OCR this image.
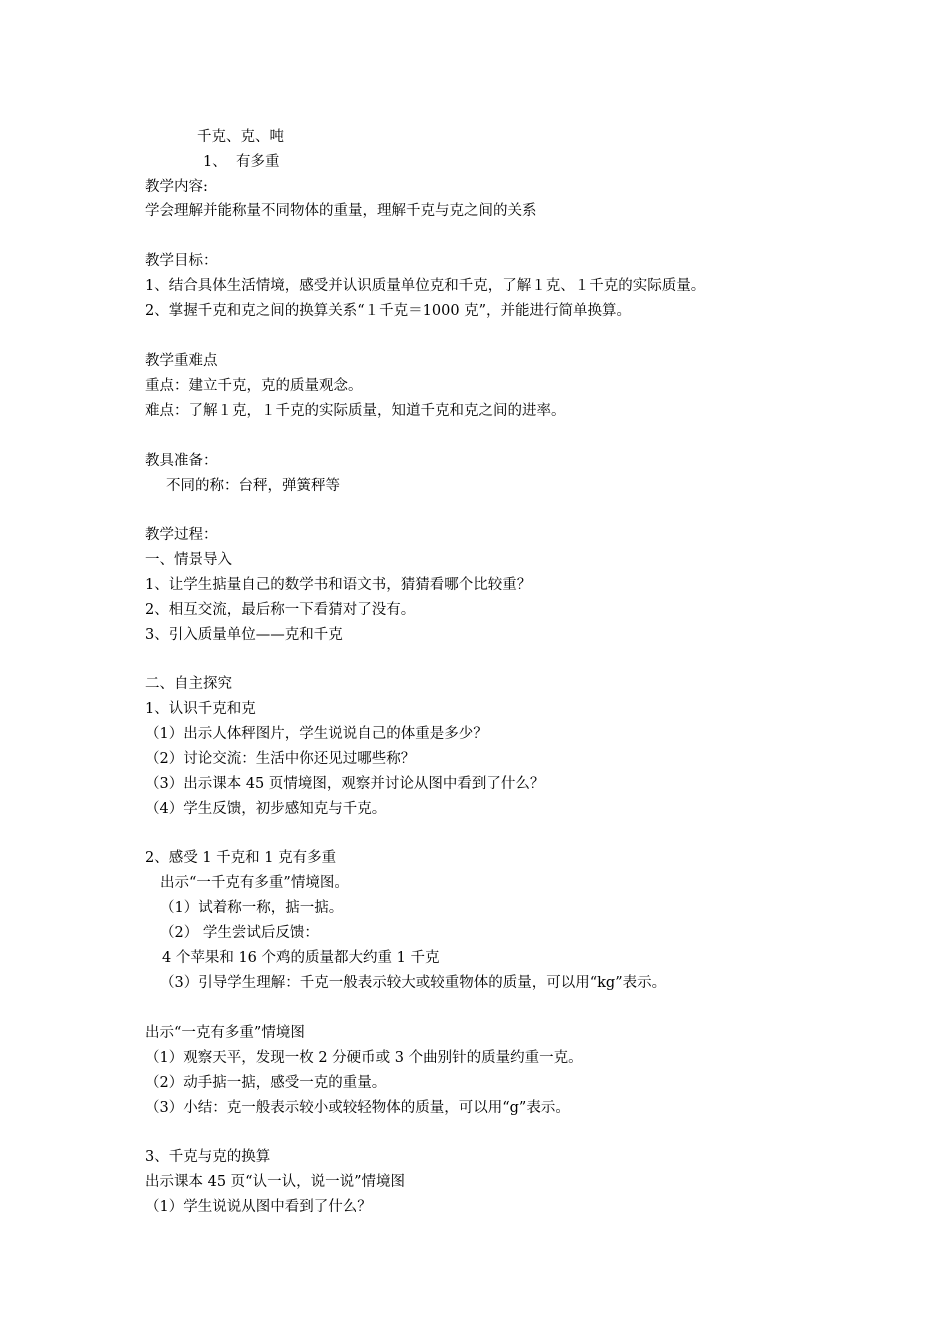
千克、克、吨
1、 有多重
教学内容:
学会理解并能称量不同物体的重量，理解千克与克之间的关系
教学目标：
1、结合具体生活情境，感受并认识质量单位克和千克，了解１克、１千克的实际质量。
2、掌握千克和克之间的换算关系“１千克＝1000 克”，并能进行简单换算。
教学重难点
重点：建立千克，克的质量观念。
难点：了解１克，１千克的实际质量，知道千克和克之间的进率。
教具准备：
不同的称：台秤，弹簧秤等
教学过程：
一、情景导入
1、让学生掂量自己的数学书和语文书，猜猜看哪个比较重？
2、相互交流，最后称一下看猜对了没有。
3、引入质量单位——克和千克
二、自主探究
1、认识千克和克
（1）出示人体秤图片，学生说说自己的体重是多少？
（2）讨论交流：生活中你还见过哪些称？
（3）出示课本 45 页情境图，观察并讨论从图中看到了什么？
（4）学生反馈，初步感知克与千克。
2、感受 1 千克和 1 克有多重
出示“一千克有多重”情境图。
（1）试着称一称，掂一掂。
（2） 学生尝试后反馈：
4 个苹果和 16 个鸡的质量都大约重 1 千克
（3）引导学生理解：千克一般表示较大或较重物体的质量，可以用“kg”表示。
出示“一克有多重”情境图
（1）观察天平，发现一枚 2 分硬币或 3 个曲别针的质量约重一克。
（2）动手掂一掂，感受一克的重量。
（3）小结：克一般表示较小或较轻物体的质量，可以用“g”表示。
3、千克与克的换算
出示课本 45 页“认一认，说一说”情境图
（1）学生说说从图中看到了什么？
